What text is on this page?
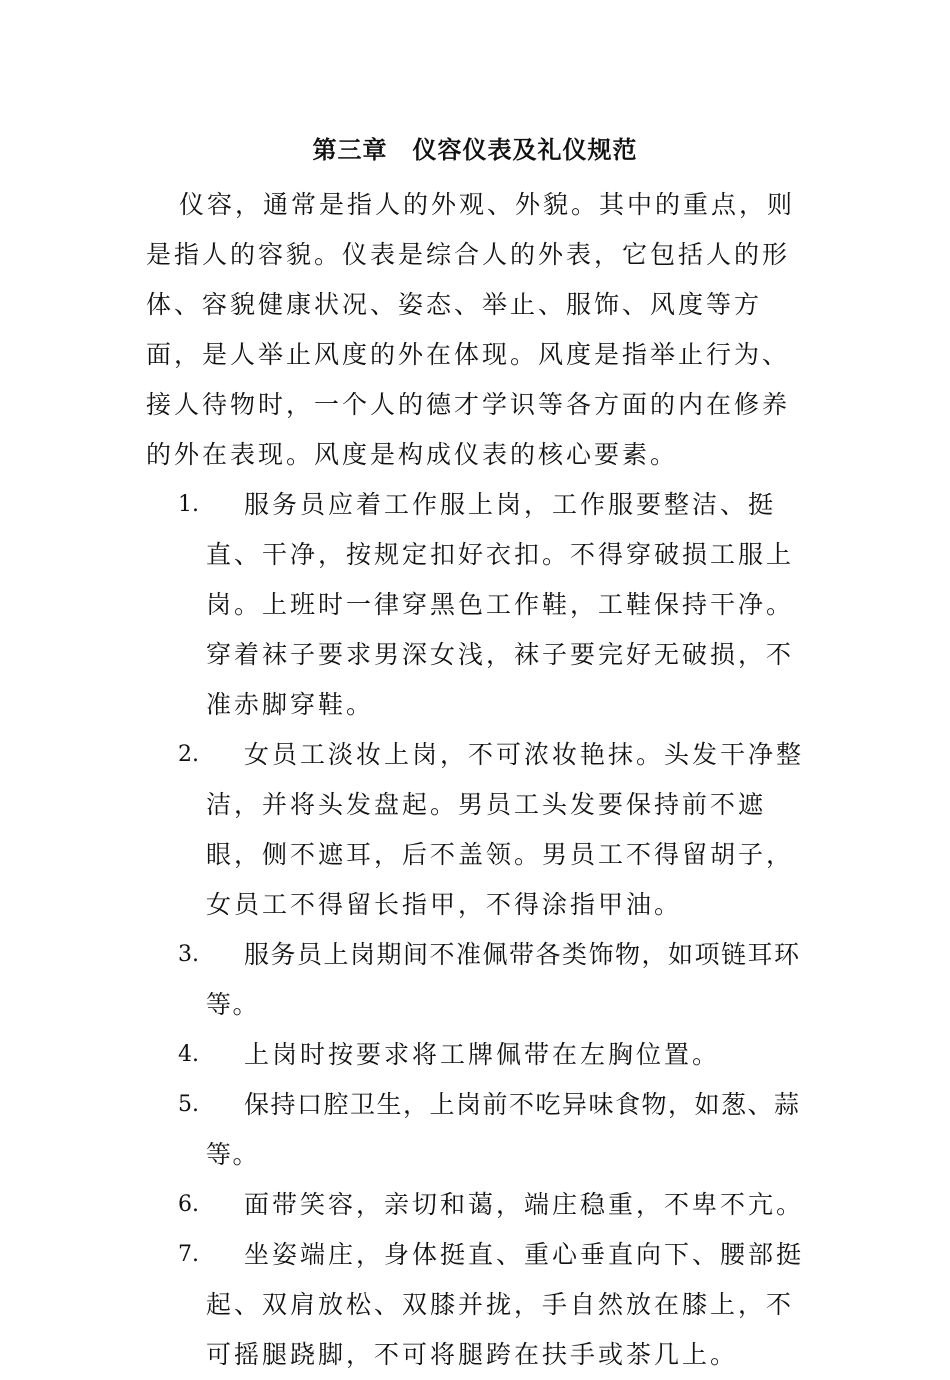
第三章　仪容仪表及礼仪规范

仪容，通常是指人的外观、外貌。其中的重点，则是指人的容貌。仪表是综合人的外表，它包括人的形体、容貌健康状况、姿态、举止、服饰、风度等方面，是人举止风度的外在体现。风度是指举止行为、接人待物时，一个人的德才学识等各方面的内在修养的外在表现。风度是构成仪表的核心要素。

1.	服务员应着工作服上岗，工作服要整洁、挺直、干净，按规定扣好衣扣。不得穿破损工服上岗。上班时一律穿黑色工作鞋，工鞋保持干净。穿着袜子要求男深女浅，袜子要完好无破损，不准赤脚穿鞋。
2.	女员工淡妆上岗，不可浓妆艳抹。头发干净整洁，并将头发盘起。男员工头发要保持前不遮眼，侧不遮耳，后不盖领。男员工不得留胡子，女员工不得留长指甲，不得涂指甲油。
3.	服务员上岗期间不准佩带各类饰物，如项链耳环等。
4.	上岗时按要求将工牌佩带在左胸位置。
5.	保持口腔卫生，上岗前不吃异味食物，如葱、蒜等。
6.	面带笑容，亲切和蔼，端庄稳重，不卑不亢。
7.	坐姿端庄，身体挺直、重心垂直向下、腰部挺起、双肩放松、双膝并拢，手自然放在膝上，不可摇腿跷脚，不可将腿跨在扶手或茶几上。
